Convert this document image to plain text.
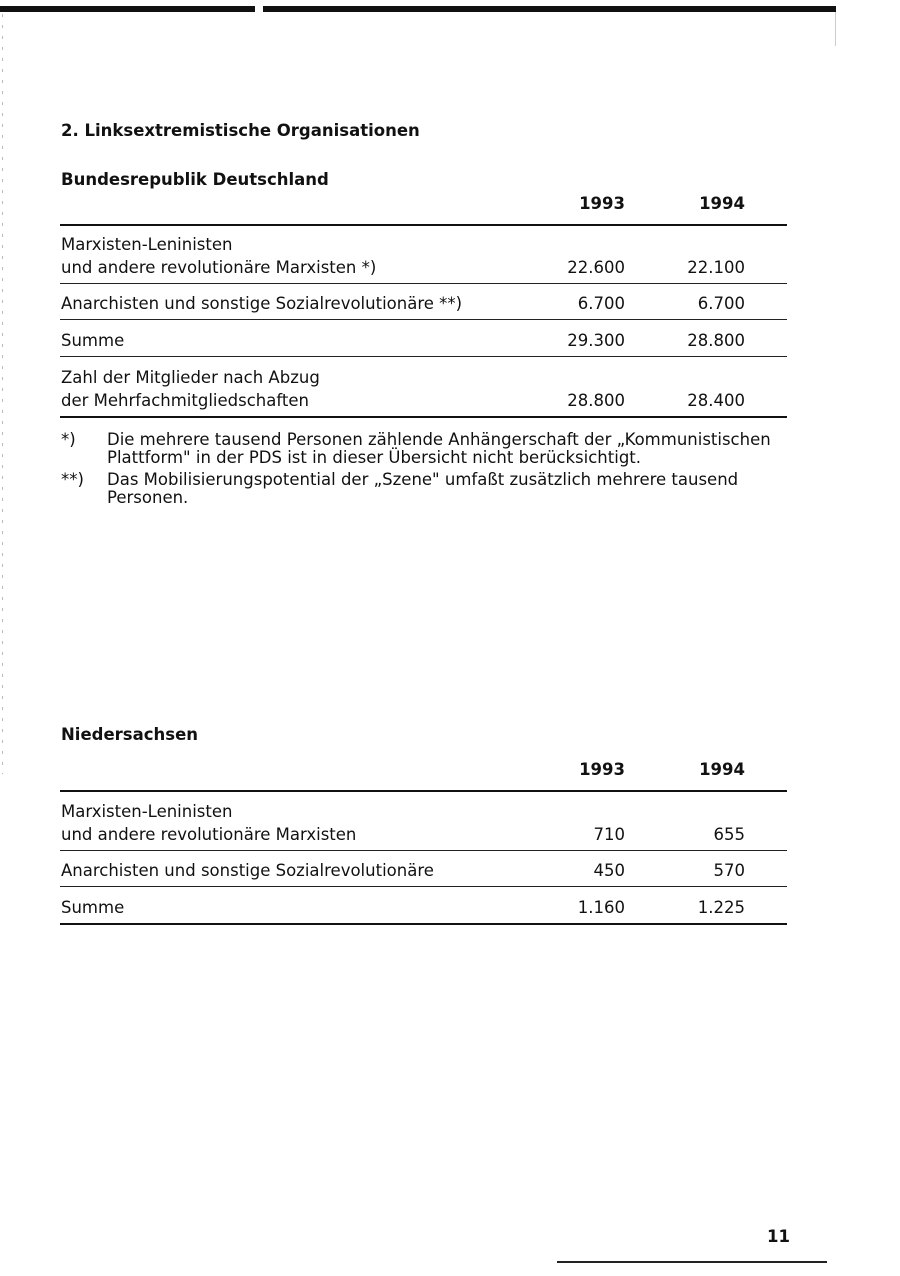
2. Linksextremistische Organisationen
Bundesrepublik Deutschland
1993	1994
Marxisten-Leninisten
und andere revolutionäre Marxisten *)	22.600	22.100
Anarchisten und sonstige Sozialrevolutionäre **)	6.700	6.700
Summe	29.300	28.800
Zahl der Mitglieder nach Abzug
der Mehrfachmitgliedschaften	28.800	28.400
*) Die mehrere tausend Personen zählende Anhängerschaft der „Kommunistischen Plattform" in der PDS ist in dieser Übersicht nicht berücksichtigt.
**) Das Mobilisierungspotential der „Szene" umfaßt zusätzlich mehrere tausend Personen.
Niedersachsen
1993	1994
Marxisten-Leninisten
und andere revolutionäre Marxisten	710	655
Anarchisten und sonstige Sozialrevolutionäre	450	570
Summe	1.160	1.225
11
